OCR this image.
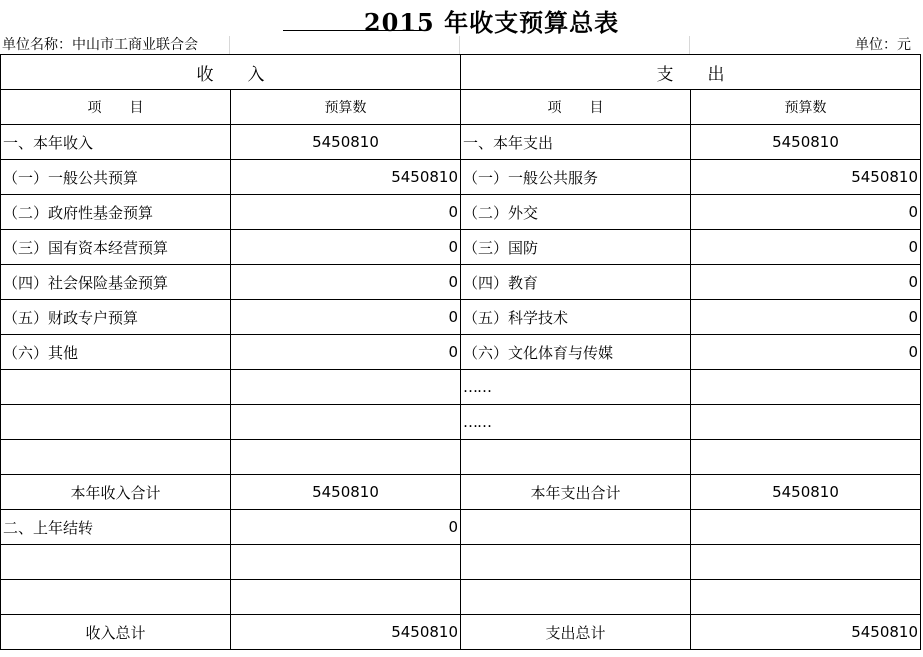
2015 年收支预算总表
单位名称：中山市工商业联合会	单位：元
收　　入		支　　出	
项　　目	预算数	项　　目	预算数
一、本年收入	5450810	一、本年支出	5450810
（一）一般公共预算	5450810	（一）一般公共服务	5450810
（二）政府性基金预算	0	（二）外交	0
（三）国有资本经营预算	0	（三）国防	0
（四）社会保险基金预算	0	（四）教育	0
（五）财政专户预算	0	（五）科学技术	0
（六）其他	0	（六）文化体育与传媒	0
		……	
		……	

本年收入合计	5450810	本年支出合计	5450810
二、上年结转	0		

收入总计	5450810	支出总计	5450810
